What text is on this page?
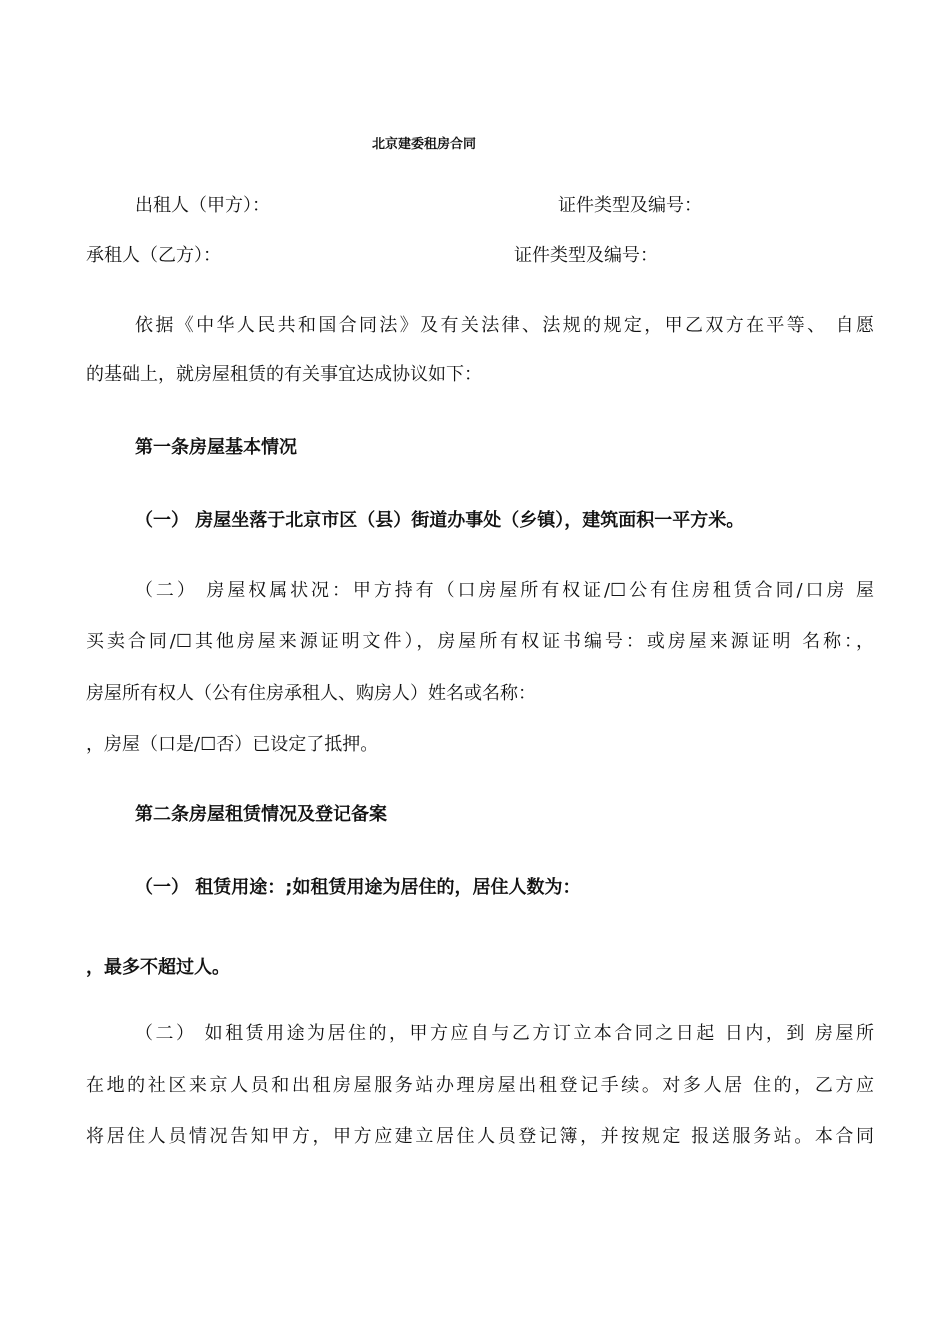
北京建委租房合同
出租人（甲方）：	证件类型及编号：
承租人（乙方）：	证件类型及编号：
依据《中华人民共和国合同法》及有关法律、法规的规定，甲乙双方在平等、 自愿
的基础上，就房屋租赁的有关事宜达成协议如下：
第一条房屋基本情况
（一） 房屋坐落于北京市区（县）街道办事处（乡镇），建筑面积一平方米。
（二） 房屋权属状况：甲方持有（口房屋所有权证/☐公有住房租赁合同/口房 屋
买卖合同/☐其他房屋来源证明文件），房屋所有权证书编号：或房屋来源证明 名称：，
房屋所有权人（公有住房承租人、购房人）姓名或名称：
，房屋（口是/☐否）已设定了抵押。
第二条房屋租赁情况及登记备案
（一） 租赁用途：;如租赁用途为居住的，居住人数为：
，最多不超过人。
（二） 如租赁用途为居住的，甲方应自与乙方订立本合同之日起 日内，到 房屋所
在地的社区来京人员和出租房屋服务站办理房屋出租登记手续。对多人居 住的，乙方应
将居住人员情况告知甲方，甲方应建立居住人员登记簿，并按规定 报送服务站。本合同
